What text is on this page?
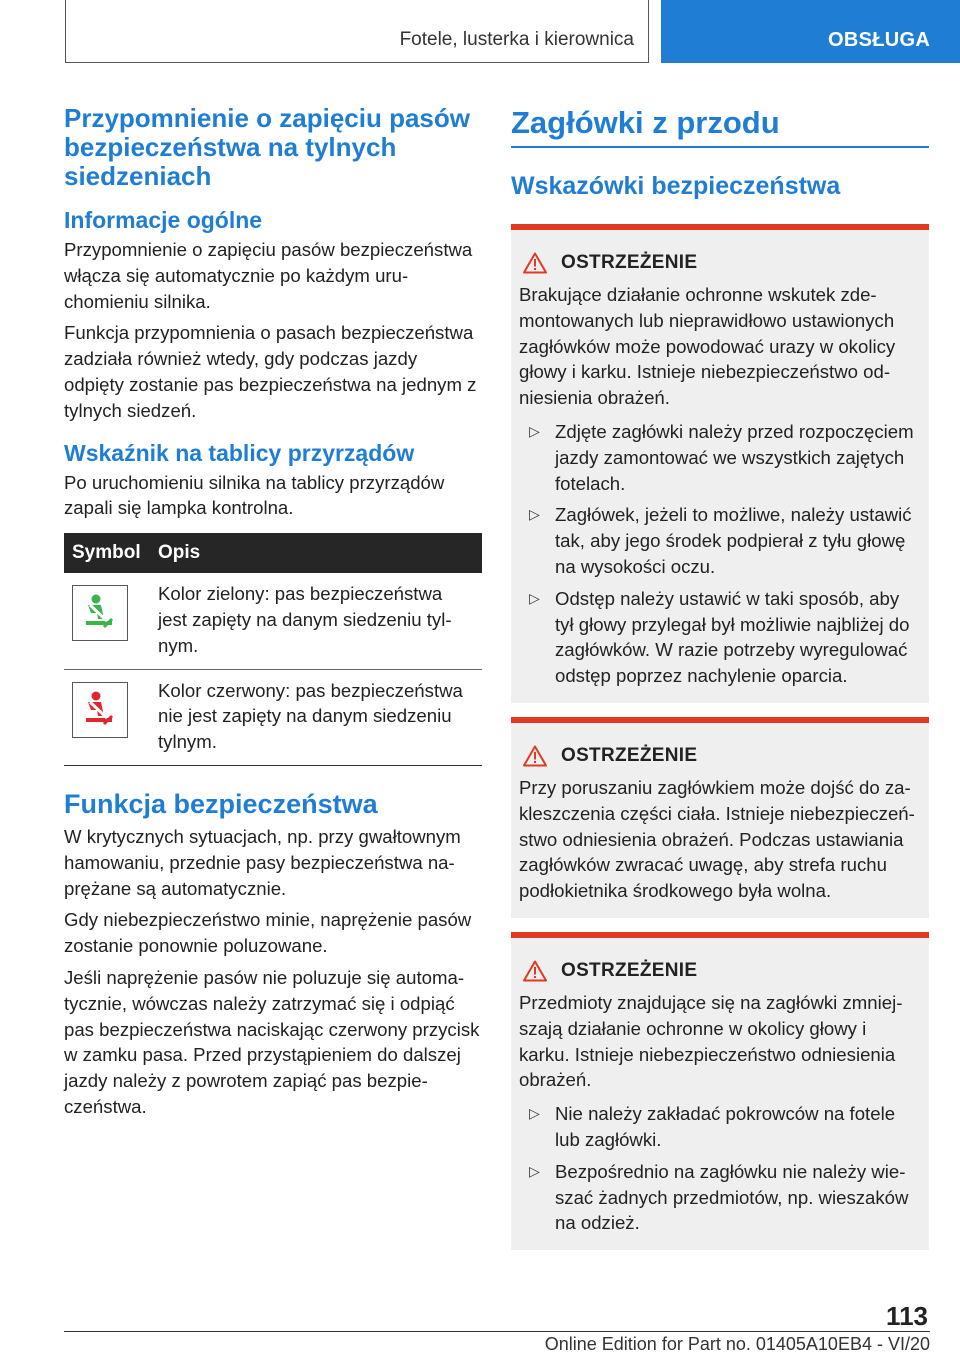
Fotele, lusterka i kierownica	OBSŁUGA
Przypomnienie o zapięciu pasów bezpieczeństwa na tylnych siedzeniach
Informacje ogólne

Przypomnienie o zapięciu pasów bezpieczeństwa włącza się automatycznie po każdym uruchomieniu silnika.

Funkcja przypomnienia o pasach bezpieczeństwa zadziała również wtedy, gdy podczas jazdy odpięty zostanie pas bezpieczeństwa na jednym z tylnych siedzeń.

Wskaźnik na tablicy przyrządów

Po uruchomieniu silnika na tablicy przyrządów zapali się lampka kontrolna.

Symbol	Opis

	Kolor zielony: pas bezpieczeństwa jest zapięty na danym siedzeniu tylnym.

	Kolor czerwony: pas bezpieczeństwa nie jest zapięty na danym siedzeniu tylnym.
Funkcja bezpieczeństwa

W krytycznych sytuacjach, np. przy gwałtownym hamowaniu, przednie pasy bezpieczeństwa naprężane są automatycznie.

Gdy niebezpieczeństwo minie, naprężenie pasów zostanie ponownie poluzowane.

Jeśli naprężenie pasów nie poluzuje się automatycznie, wówczas należy zatrzymać się i odpiąć pas bezpieczeństwa naciskając czerwony przycisk w zamku pasa. Przed przystąpieniem do dalszej jazdy należy z powrotem zapiąć pas bezpieczeństwa.

Zagłówki z przodu
Wskazówki bezpieczeństwa
OSTRZEŻENIE

Brakujące działanie ochronne wskutek zdemontowanych lub nieprawidłowo ustawionych zagłówków może powodować urazy w okolicy głowy i karku. Istnieje niebezpieczeństwo odniesienia obrażeń.

▷ Zdjęte zagłówki należy przed rozpoczęciem jazdy zamontować we wszystkich zajętych fotelach.
▷ Zagłówek, jeżeli to możliwe, należy ustawić tak, aby jego środek podpierał z tyłu głowę na wysokości oczu.
▷ Odstęp należy ustawić w taki sposób, aby tył głowy przylegał był możliwie najbliżej do zagłówków. W razie potrzeby wyregulować odstęp poprzez nachylenie oparcia.
OSTRZEŻENIE

Przy poruszaniu zagłówkiem może dojść do zakleszczenia części ciała. Istnieje niebezpieczeństwo odniesienia obrażeń. Podczas ustawiania zagłówków zwracać uwagę, aby strefa ruchu podłokietnika środkowego była wolna.

OSTRZEŻENIE

Przedmioty znajdujące się na zagłówki zmniejszają działanie ochronne w okolicy głowy i karku. Istnieje niebezpieczeństwo odniesienia obrażeń.

▷ Nie należy zakładać pokrowców na fotele lub zagłówki.
▷ Bezpośrednio na zagłówku nie należy wieszać żadnych przedmiotów, np. wieszaków na odzież.
113
Online Edition for Part no. 01405A10EB4 - VI/20
